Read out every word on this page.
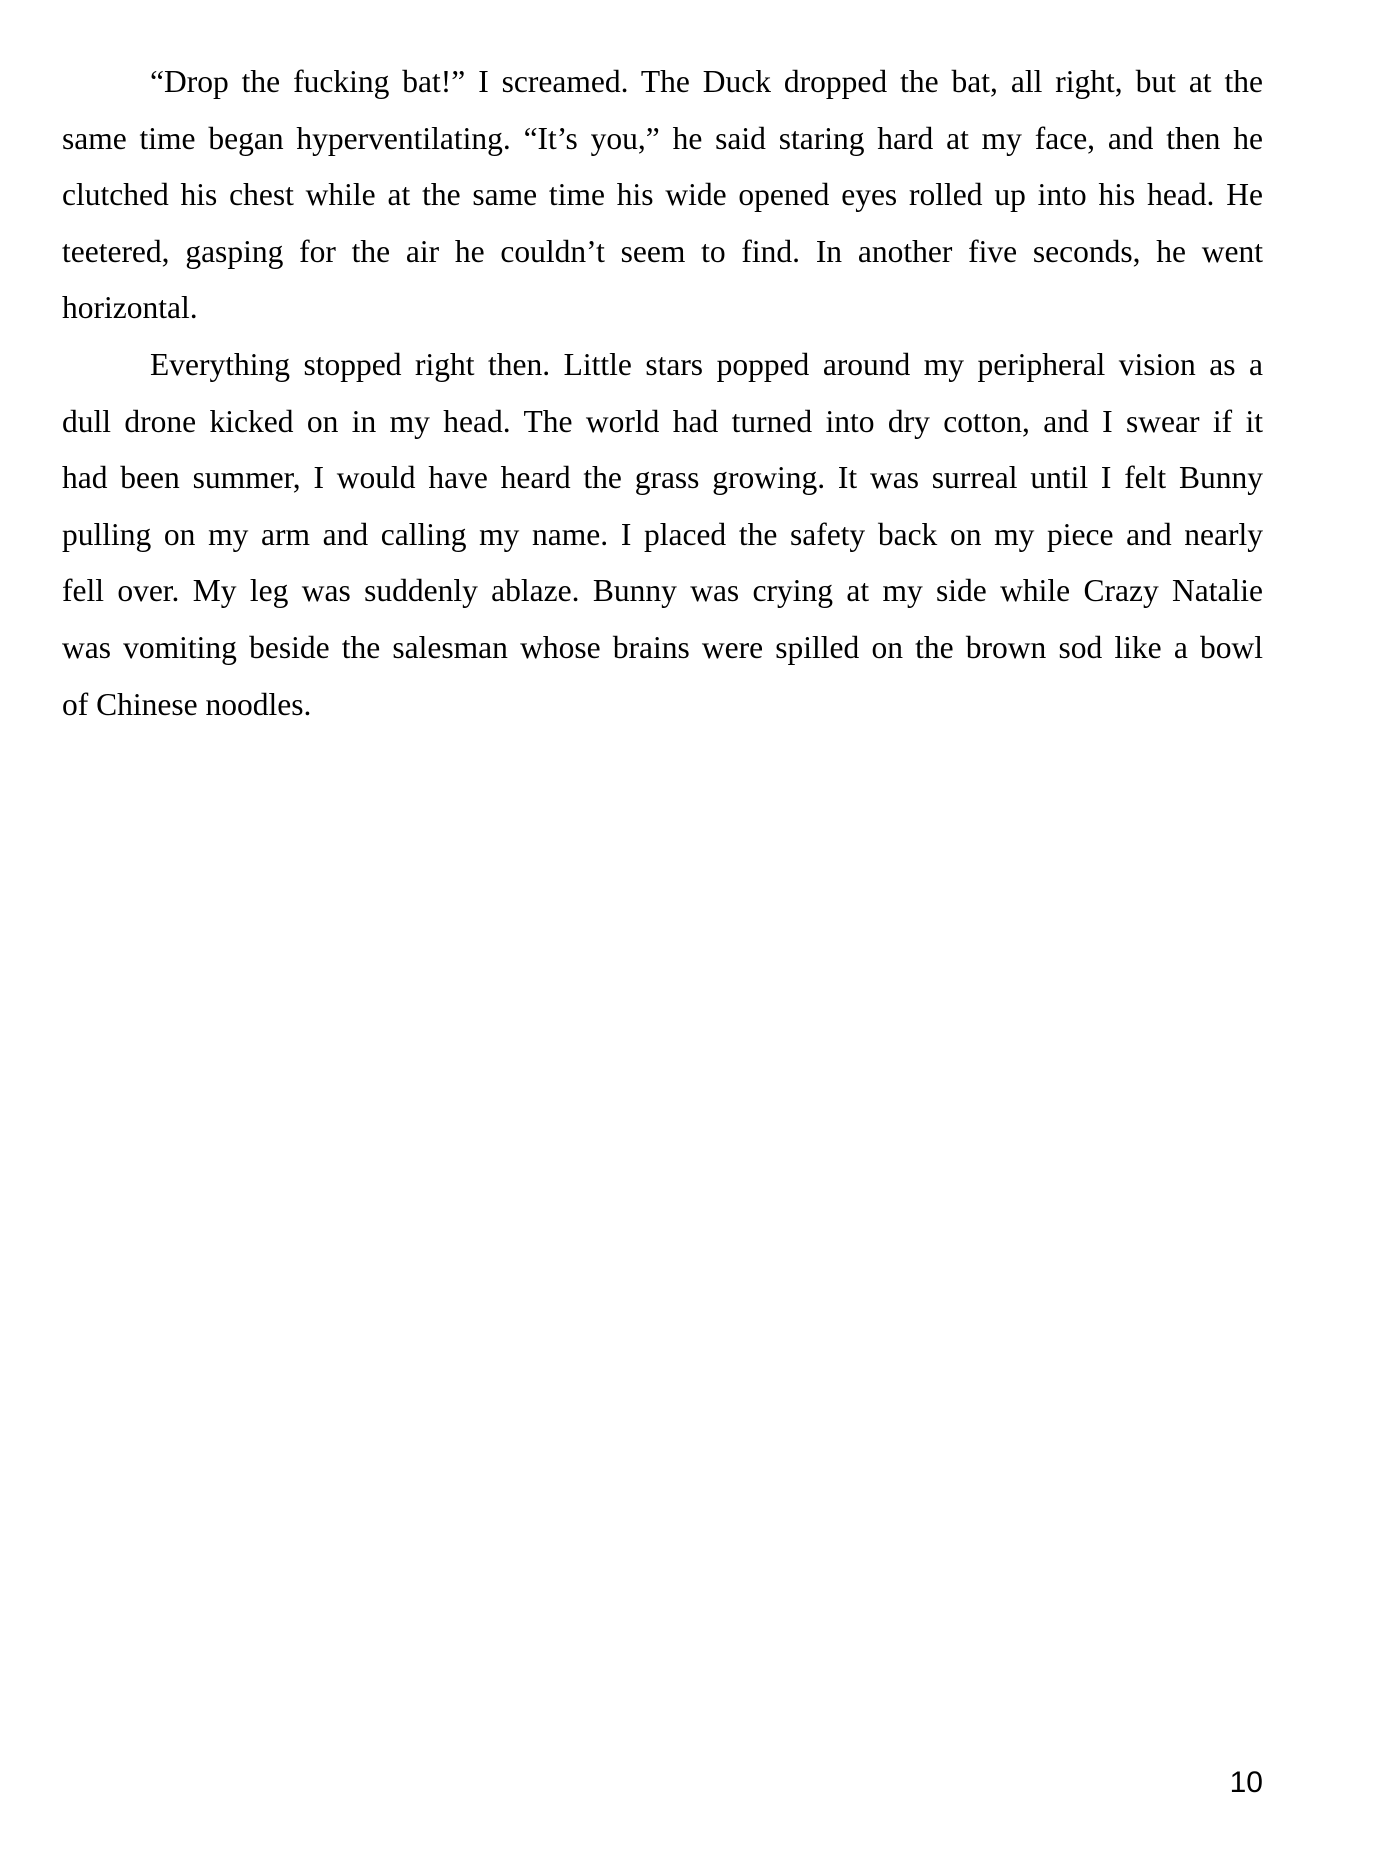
“Drop the fucking bat!” I screamed. The Duck dropped the bat, all right, but at the
same time began hyperventilating. “It’s you,” he said staring hard at my face, and then he
clutched his chest while at the same time his wide opened eyes rolled up into his head. He
teetered, gasping for the air he couldn’t seem to find. In another five seconds, he went
horizontal.
Everything stopped right then. Little stars popped around my peripheral vision as a
dull drone kicked on in my head. The world had turned into dry cotton, and I swear if it
had been summer, I would have heard the grass growing. It was surreal until I felt Bunny
pulling on my arm and calling my name. I placed the safety back on my piece and nearly
fell over. My leg was suddenly ablaze. Bunny was crying at my side while Crazy Natalie
was vomiting beside the salesman whose brains were spilled on the brown sod like a bowl
of Chinese noodles.
10
